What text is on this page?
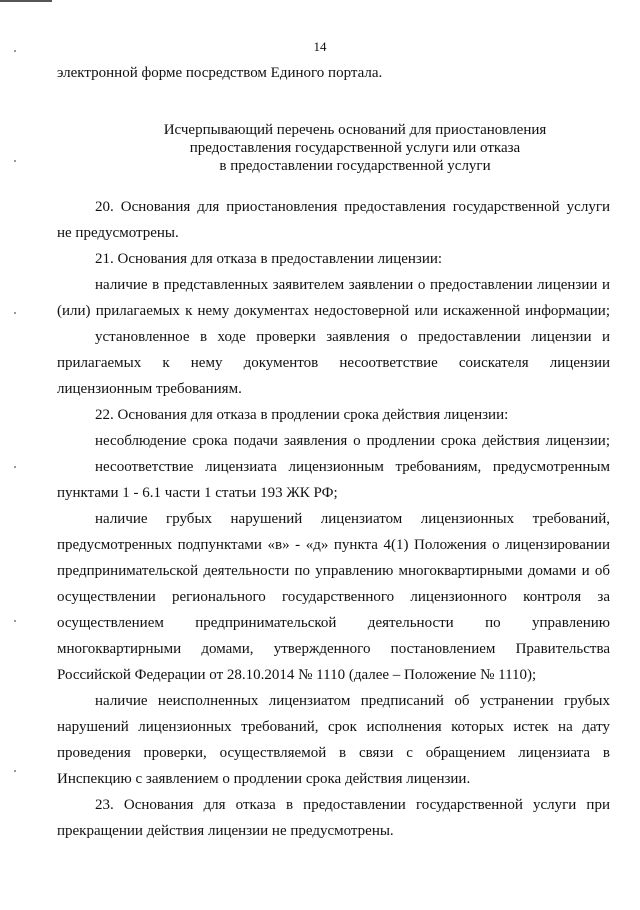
14
электронной форме посредством Единого портала.
Исчерпывающий перечень оснований для приостановления
предоставления государственной услуги или отказа
в предоставлении государственной услуги
20. Основания для приостановления предоставления государственной услуги
не предусмотрены.
21. Основания для отказа в предоставлении лицензии:
наличие в представленных заявителем заявлении о предоставлении лицензии и
(или) прилагаемых к нему документах недостоверной или искаженной информации;
установленное в ходе проверки заявления о предоставлении лицензии и
прилагаемых к нему документов несоответствие соискателя лицензии
лицензионным требованиям.
22. Основания для отказа в продлении срока действия лицензии:
несоблюдение срока подачи заявления о продлении срока действия лицензии;
несоответствие лицензиата лицензионным требованиям, предусмотренным
пунктами 1 - 6.1 части 1 статьи 193 ЖК РФ;
наличие грубых нарушений лицензиатом лицензионных требований,
предусмотренных подпунктами «в» - «д» пункта 4(1) Положения о лицензировании
предпринимательской деятельности по управлению многоквартирными домами и об
осуществлении регионального государственного лицензионного контроля за
осуществлением предпринимательской деятельности по управлению
многоквартирными домами, утвержденного постановлением Правительства
Российской Федерации от 28.10.2014 № 1110 (далее – Положение № 1110);
наличие неисполненных лицензиатом предписаний об устранении грубых
нарушений лицензионных требований, срок исполнения которых истек на дату
проведения проверки, осуществляемой в связи с обращением лицензиата в
Инспекцию с заявлением о продлении срока действия лицензии.
23. Основания для отказа в предоставлении государственной услуги при
прекращении действия лицензии не предусмотрены.
